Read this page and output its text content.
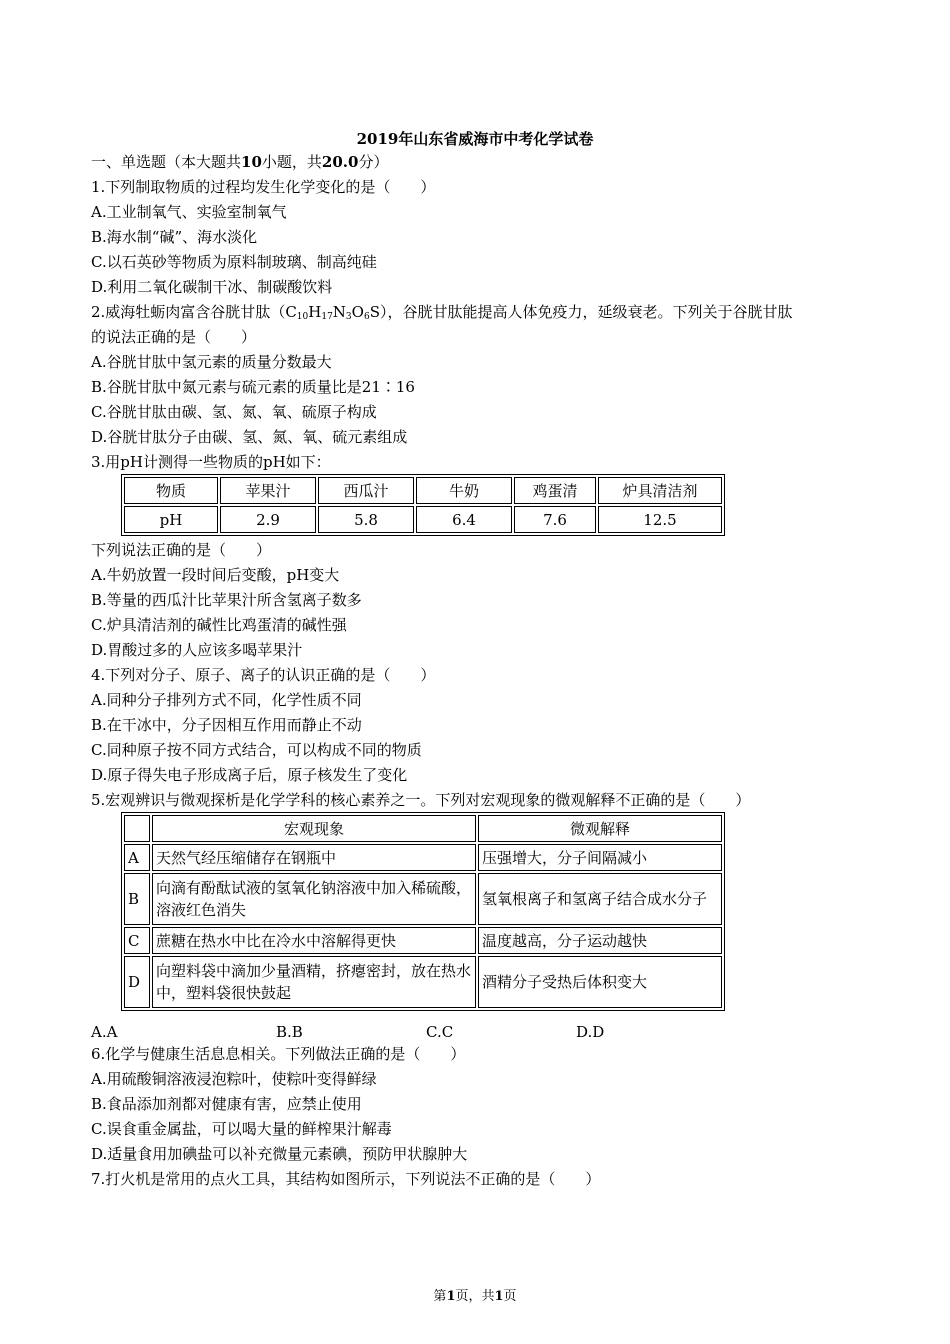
2019年山东省威海市中考化学试卷
一、单选题（本大题共10小题，共20.0分）
1.下列制取物质的过程均发生化学变化的是（　　）
A.工业制氧气、实验室制氧气
B.海水制“碱”、海水淡化
C.以石英砂等物质为原料制玻璃、制高纯硅
D.利用二氧化碳制干冰、制碳酸饮料
2.威海牡蛎肉富含谷胱甘肽$(C_{10}H_{17}N_3O_6S)$，谷胱甘肽能提高人体免疫力，延级衰老。下列关于谷胱甘肽
的说法正确的是（　　）
A.谷胱甘肽中氢元素的质量分数最大
B.谷胱甘肽中氮元素与硫元素的质量比是21∶16
C.谷胱甘肽由碳、氢、氮、氧、硫原子构成
D.谷胱甘肽分子由碳、氢、氮、氧、硫元素组成
3.用pH计测得一些物质的pH如下：
物质	苹果汁	西瓜汁	牛奶	鸡蛋清	炉具清洁剂
pH	2.9	5.8	6.4	7.6	12.5
下列说法正确的是（　　）
A.牛奶放置一段时间后变酸，pH变大
B.等量的西瓜汁比苹果汁所含氢离子数多
C.炉具清洁剂的碱性比鸡蛋清的碱性强
D.胃酸过多的人应该多喝苹果汁
4.下列对分子、原子、离子的认识正确的是（　　）
A.同种分子排列方式不同，化学性质不同
B.在干冰中，分子因相互作用而静止不动
C.同种原子按不同方式结合，可以构成不同的物质
D.原子得失电子形成离子后，原子核发生了变化
5.宏观辨识与微观探析是化学学科的核心素养之一。下列对宏观现象的微观解释不正确的是（　　）
	宏观现象	微观解释
A	天然气经压缩储存在钢瓶中	压强增大，分子间隔减小
B	向滴有酚酞试液的氢氧化钠溶液中加入稀硫酸，溶液红色消失	氢氧根离子和氢离子结合成水分子
C	蔗糖在热水中比在冷水中溶解得更快	温度越高，分子运动越快
D	向塑料袋中滴加少量酒精，挤瘪密封，放在热水中，塑料袋很快鼓起	酒精分子受热后体积变大
A.A	B.B	C.C	D.D
6.化学与健康生活息息相关。下列做法正确的是（　　）
A.用硫酸铜溶液浸泡粽叶，使粽叶变得鲜绿
B.食品添加剂都对健康有害，应禁止使用
C.误食重金属盐，可以喝大量的鲜榨果汁解毒
D.适量食用加碘盐可以补充微量元素碘，预防甲状腺肿大
7.打火机是常用的点火工具，其结构如图所示，下列说法不正确的是（　　）
第1页，共1页
